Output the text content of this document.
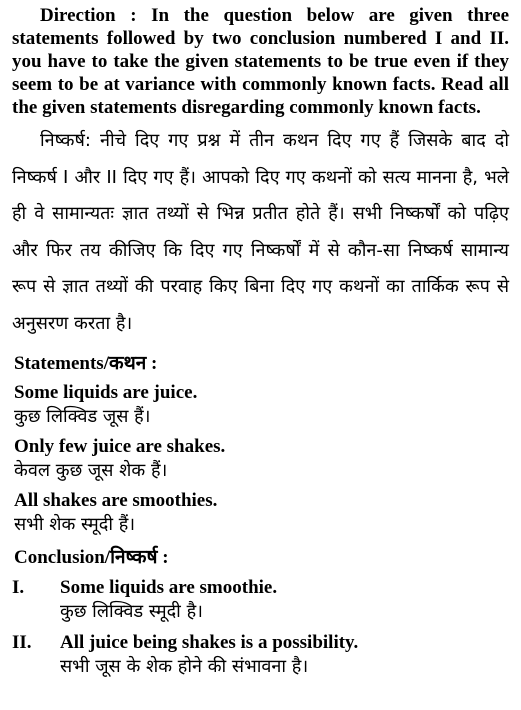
Direction : In the question below are given three statements followed by two conclusion numbered I and II. you have to take the given statements to be true even if they seem to be at variance with commonly known facts. Read all the given statements disregarding commonly known facts.

निष्कर्ष: नीचे दिए गए प्रश्न में तीन कथन दिए गए हैं जिसके बाद दो निष्कर्ष I और II दिए गए हैं। आपको दिए गए कथनों को सत्य मानना है, भले ही वे सामान्यतः ज्ञात तथ्यों से भिन्न प्रतीत होते हैं। सभी निष्कर्षों को पढ़िए और फिर तय कीजिए कि दिए गए निष्कर्षों में से कौन-सा निष्कर्ष सामान्य रूप से ज्ञात तथ्यों की परवाह किए बिना दिए गए कथनों का तार्किक रूप से अनुसरण करता है।

Statements/कथन :
Some liquids are juice.
कुछ लिक्विड जूस हैं।
Only few juice are shakes.
केवल कुछ जूस शेक हैं।
All shakes are smoothies.
सभी शेक स्मूदी हैं।
Conclusion/निष्कर्ष :
I.	Some liquids are smoothie.
कुछ लिक्विड स्मूदी है।
II.	All juice being shakes is a possibility.
सभी जूस के शेक होने की संभावना है।
